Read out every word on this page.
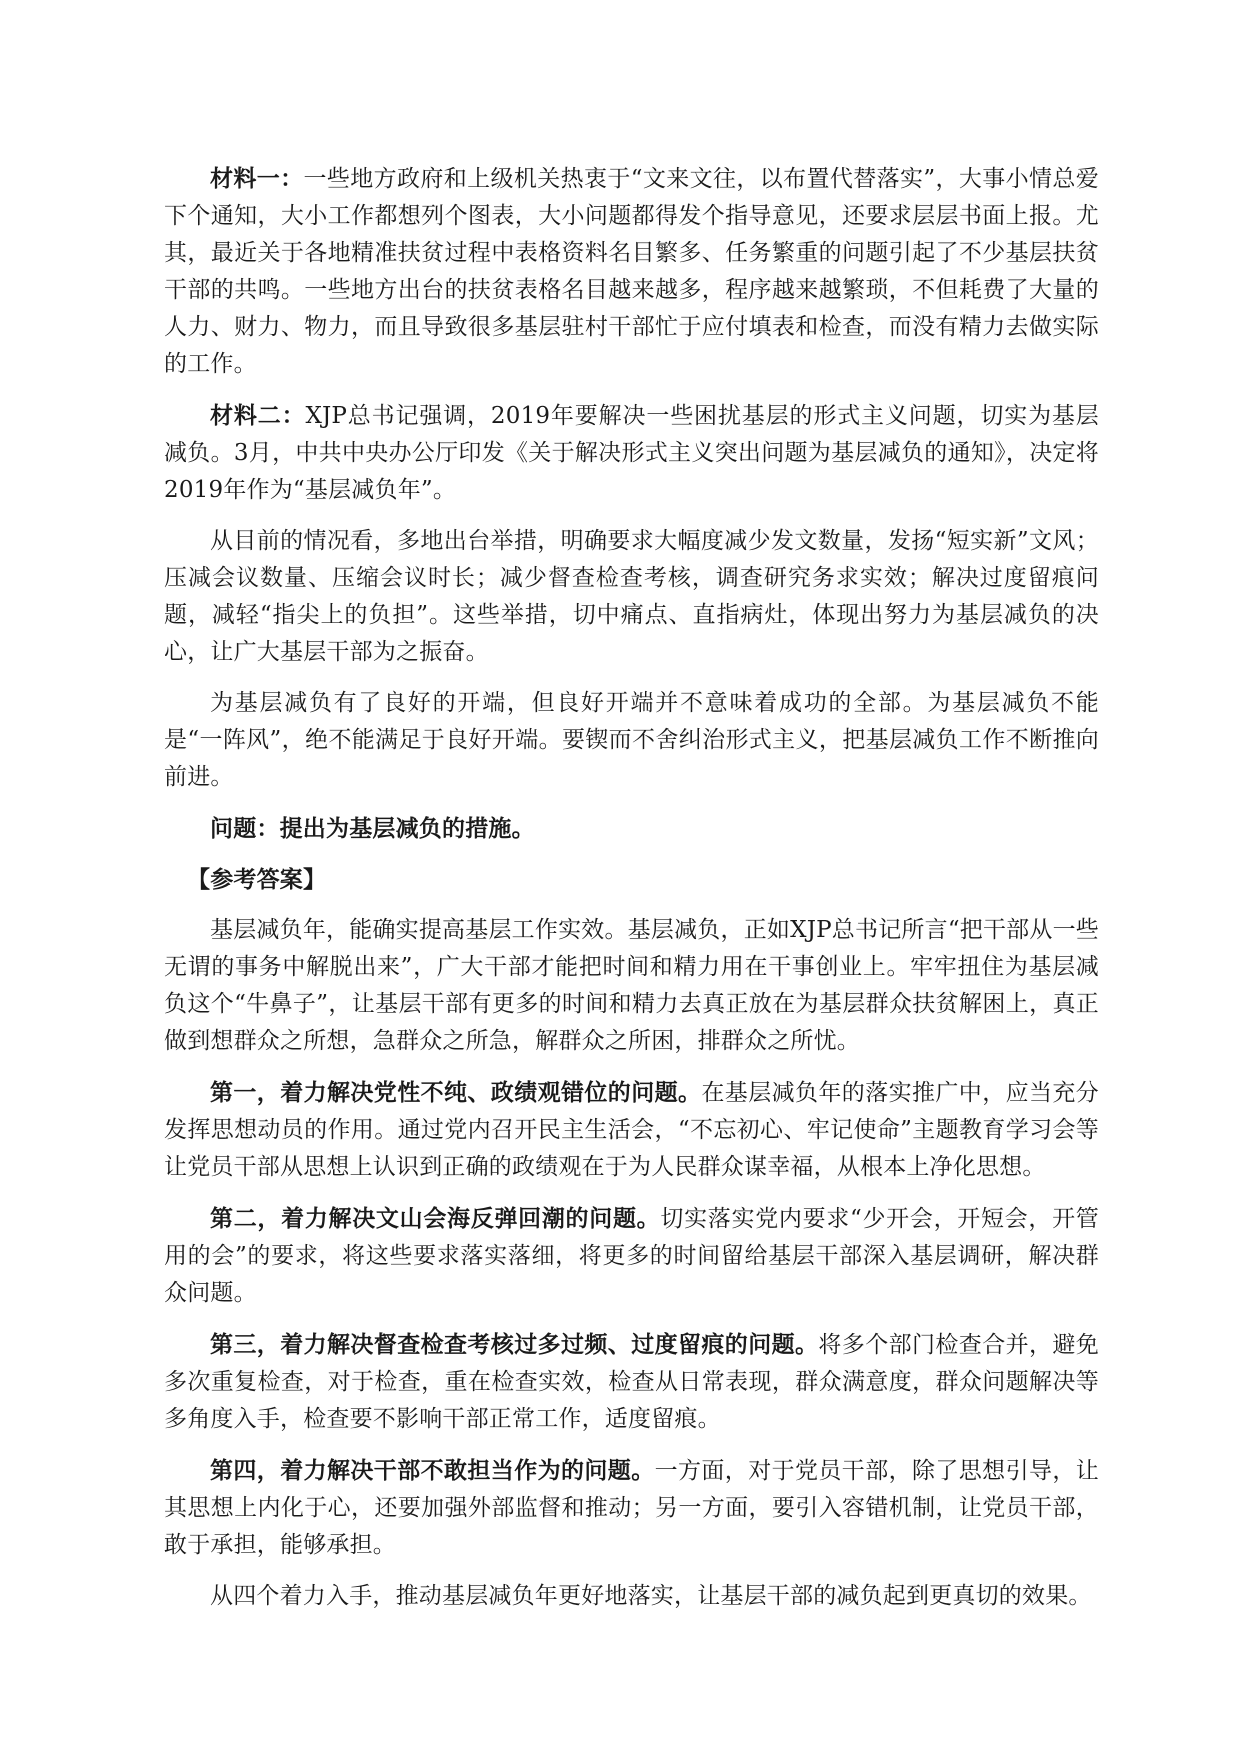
材料一：一些地方政府和上级机关热衷于“文来文往，以布置代替落实”，大事小情总爱下个通知，大小工作都想列个图表，大小问题都得发个指导意见，还要求层层书面上报。尤其，最近关于各地精准扶贫过程中表格资料名目繁多、任务繁重的问题引起了不少基层扶贫干部的共鸣。一些地方出台的扶贫表格名目越来越多，程序越来越繁琐，不但耗费了大量的人力、财力、物力，而且导致很多基层驻村干部忙于应付填表和检查，而没有精力去做实际的工作。

材料二：XJP总书记强调，2019年要解决一些困扰基层的形式主义问题，切实为基层减负。3月，中共中央办公厅印发《关于解决形式主义突出问题为基层减负的通知》，决定将2019年作为“基层减负年”。

从目前的情况看，多地出台举措，明确要求大幅度减少发文数量，发扬“短实新”文风；压减会议数量、压缩会议时长；减少督查检查考核，调查研究务求实效；解决过度留痕问题，减轻“指尖上的负担”。这些举措，切中痛点、直指病灶，体现出努力为基层减负的决心，让广大基层干部为之振奋。

为基层减负有了良好的开端，但良好开端并不意味着成功的全部。为基层减负不能是“一阵风”，绝不能满足于良好开端。要锲而不舍纠治形式主义，把基层减负工作不断推向前进。

问题：提出为基层减负的措施。

【参考答案】

基层减负年，能确实提高基层工作实效。基层减负，正如XJP总书记所言“把干部从一些无谓的事务中解脱出来”，广大干部才能把时间和精力用在干事创业上。牢牢扭住为基层减负这个“牛鼻子”，让基层干部有更多的时间和精力去真正放在为基层群众扶贫解困上，真正做到想群众之所想，急群众之所急，解群众之所困，排群众之所忧。

第一，着力解决党性不纯、政绩观错位的问题。在基层减负年的落实推广中，应当充分发挥思想动员的作用。通过党内召开民主生活会，“不忘初心、牢记使命”主题教育学习会等让党员干部从思想上认识到正确的政绩观在于为人民群众谋幸福，从根本上净化思想。

第二，着力解决文山会海反弹回潮的问题。切实落实党内要求“少开会，开短会，开管用的会”的要求，将这些要求落实落细，将更多的时间留给基层干部深入基层调研，解决群众问题。

第三，着力解决督查检查考核过多过频、过度留痕的问题。将多个部门检查合并，避免多次重复检查，对于检查，重在检查实效，检查从日常表现，群众满意度，群众问题解决等多角度入手，检查要不影响干部正常工作，适度留痕。

第四，着力解决干部不敢担当作为的问题。一方面，对于党员干部，除了思想引导，让其思想上内化于心，还要加强外部监督和推动；另一方面，要引入容错机制，让党员干部，敢于承担，能够承担。

从四个着力入手，推动基层减负年更好地落实，让基层干部的减负起到更真切的效果。
